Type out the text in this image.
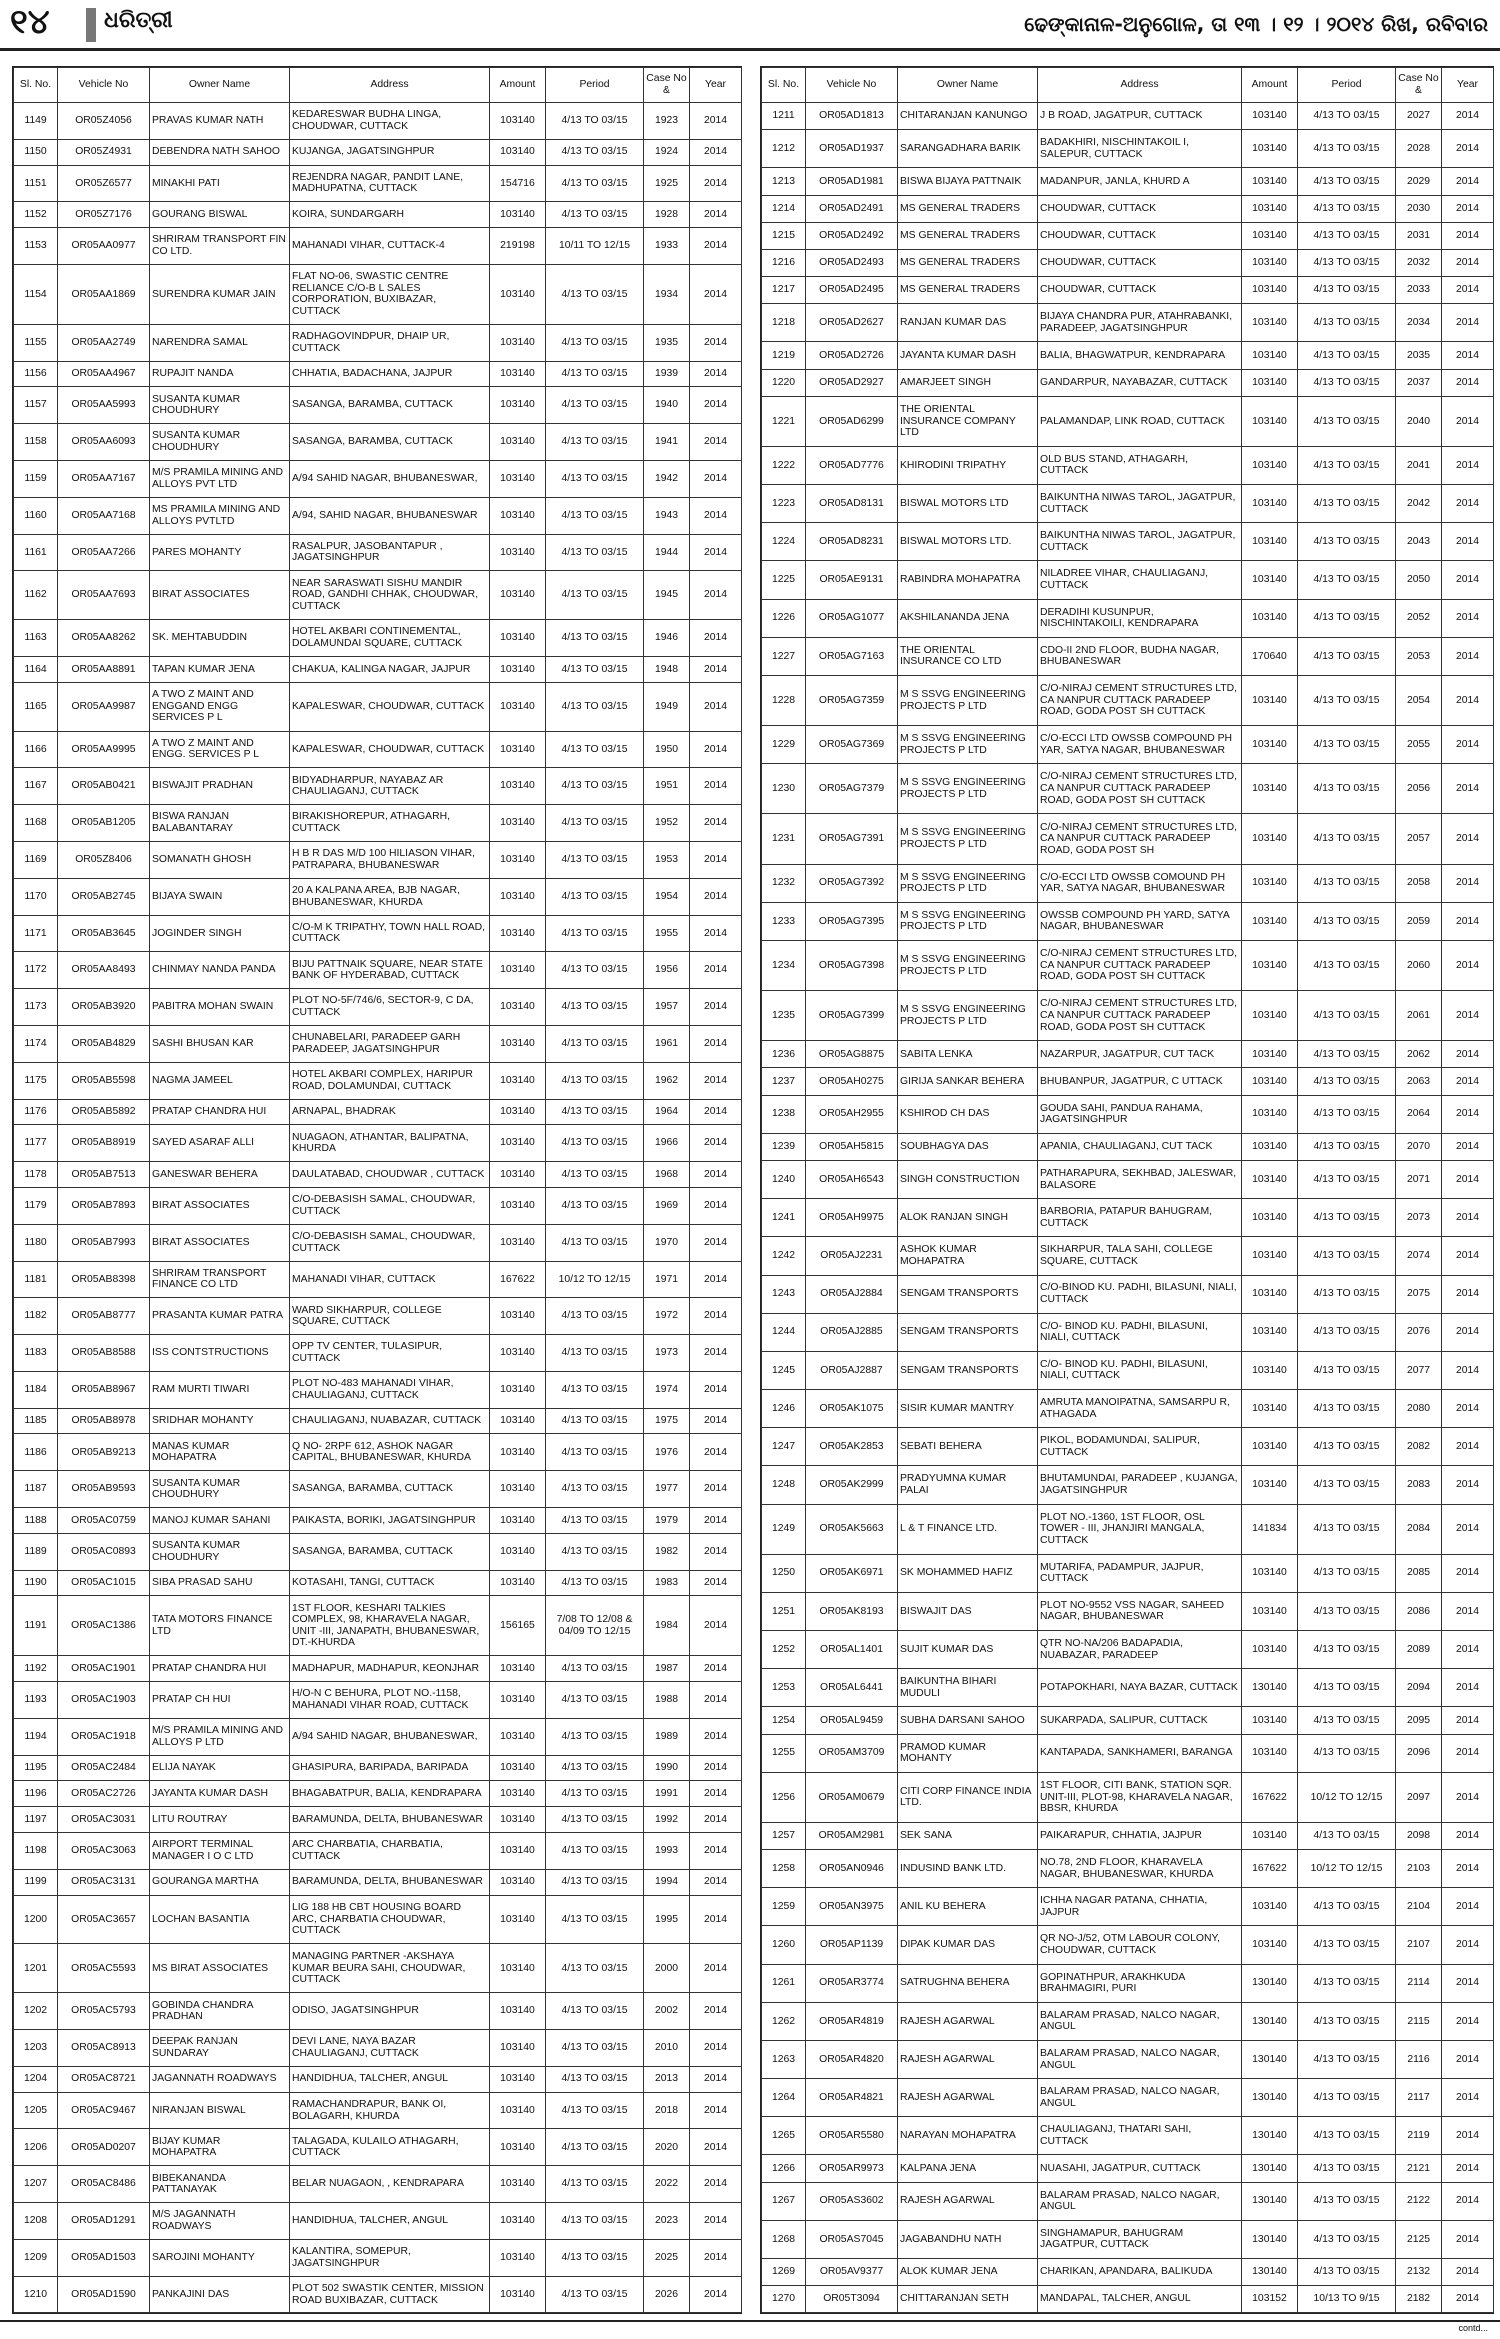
୧୪ ଧରିତ୍ରୀ	ଢେଙ୍କାନାଳ-ଅନୁଗୋଳ, ତା ୧୩ । ୧୨ । ୨୦୧୪ ରିଖ, ରବିବାର
Sl. No.	Vehicle No	Owner Name	Address	Amount	Period	Case No &	Year
1149	OR05Z4056	PRAVAS KUMAR NATH	KEDARESWAR BUDHA LINGA, CHOUDWAR, CUTTACK	103140	4/13 TO 03/15	1923	2014
1150	OR05Z4931	DEBENDRA NATH SAHOO	KUJANGA, JAGATSINGHPUR	103140	4/13 TO 03/15	1924	2014
1151	OR05Z6577	MINAKHI PATI	REJENDRA NAGAR, PANDIT LANE, MADHUPATNA, CUTTACK	154716	4/13 TO 03/15	1925	2014
1152	OR05Z7176	GOURANG BISWAL	KOIRA, SUNDARGARH	103140	4/13 TO 03/15	1928	2014
1153	OR05AA0977	SHRIRAM TRANSPORT FIN CO LTD.	MAHANADI VIHAR, CUTTACK-4	219198	10/11 TO 12/15	1933	2014
1154	OR05AA1869	SURENDRA KUMAR JAIN	FLAT NO-06, SWASTIC CENTRE RELIANCE C/O-B L SALES CORPORATION, BUXIBAZAR, CUTTACK	103140	4/13 TO 03/15	1934	2014
1155	OR05AA2749	NARENDRA SAMAL	RADHAGOVINDPUR, DHAIP UR, CUTTACK	103140	4/13 TO 03/15	1935	2014
1156	OR05AA4967	RUPAJIT NANDA	CHHATIA, BADACHANA, JAJPUR	103140	4/13 TO 03/15	1939	2014
1157	OR05AA5993	SUSANTA KUMAR CHOUDHURY	SASANGA, BARAMBA, CUTTACK	103140	4/13 TO 03/15	1940	2014
1158	OR05AA6093	SUSANTA KUMAR CHOUDHURY	SASANGA, BARAMBA, CUTTACK	103140	4/13 TO 03/15	1941	2014
1159	OR05AA7167	M/S PRAMILA MINING AND ALLOYS PVT LTD	A/94 SAHID NAGAR, BHUBANESWAR,	103140	4/13 TO 03/15	1942	2014
1160	OR05AA7168	MS PRAMILA MINING AND ALLOYS PVTLTD	A/94, SAHID NAGAR, BHUBANESWAR	103140	4/13 TO 03/15	1943	2014
1161	OR05AA7266	PARES MOHANTY	RASALPUR, JASOBANTAPUR , JAGATSINGHPUR	103140	4/13 TO 03/15	1944	2014
1162	OR05AA7693	BIRAT ASSOCIATES	NEAR SARASWATI SISHU MANDIR ROAD, GANDHI CHHAK, CHOUDWAR, CUTTACK	103140	4/13 TO 03/15	1945	2014
1163	OR05AA8262	SK. MEHTABUDDIN	HOTEL AKBARI CONTINEMENTAL, DOLAMUNDAI SQUARE, CUTTACK	103140	4/13 TO 03/15	1946	2014
1164	OR05AA8891	TAPAN KUMAR JENA	CHAKUA, KALINGA NAGAR, JAJPUR	103140	4/13 TO 03/15	1948	2014
1165	OR05AA9987	A TWO Z MAINT AND ENGGAND ENGG SERVICES P L	KAPALESWAR, CHOUDWAR, CUTTACK	103140	4/13 TO 03/15	1949	2014
1166	OR05AA9995	A TWO Z MAINT AND ENGG. SERVICES P L	KAPALESWAR, CHOUDWAR, CUTTACK	103140	4/13 TO 03/15	1950	2014
1167	OR05AB0421	BISWAJIT PRADHAN	BIDYADHARPUR, NAYABAZ AR CHAULIAGANJ, CUTTACK	103140	4/13 TO 03/15	1951	2014
1168	OR05AB1205	BISWA RANJAN BALABANTARAY	BIRAKISHOREPUR, ATHAGARH, CUTTACK	103140	4/13 TO 03/15	1952	2014
1169	OR05Z8406	SOMANATH GHOSH	H B R DAS M/D 100 HILIASON VIHAR, PATRAPARA, BHUBANESWAR	103140	4/13 TO 03/15	1953	2014
1170	OR05AB2745	BIJAYA SWAIN	20 A KALPANA AREA, BJB NAGAR, BHUBANESWAR, KHURDA	103140	4/13 TO 03/15	1954	2014
1171	OR05AB3645	JOGINDER SINGH	C/O-M K TRIPATHY, TOWN HALL ROAD, CUTTACK	103140	4/13 TO 03/15	1955	2014
1172	OR05AA8493	CHINMAY NANDA PANDA	BIJU PATTNAIK SQUARE, NEAR STATE BANK OF HYDERABAD, CUTTACK	103140	4/13 TO 03/15	1956	2014
1173	OR05AB3920	PABITRA MOHAN SWAIN	PLOT NO-5F/746/6, SECTOR-9, C DA, CUTTACK	103140	4/13 TO 03/15	1957	2014
1174	OR05AB4829	SASHI BHUSAN KAR	CHUNABELARI, PARADEEP GARH PARADEEP, JAGATSINGHPUR	103140	4/13 TO 03/15	1961	2014
1175	OR05AB5598	NAGMA JAMEEL	HOTEL AKBARI COMPLEX, HARIPUR ROAD, DOLAMUNDAI, CUTTACK	103140	4/13 TO 03/15	1962	2014
1176	OR05AB5892	PRATAP CHANDRA HUI	ARNAPAL, BHADRAK	103140	4/13 TO 03/15	1964	2014
1177	OR05AB8919	SAYED ASARAF ALLI	NUAGAON, ATHANTAR, BALIPATNA, KHURDA	103140	4/13 TO 03/15	1966	2014
1178	OR05AB7513	GANESWAR BEHERA	DAULATABAD, CHOUDWAR , CUTTACK	103140	4/13 TO 03/15	1968	2014
1179	OR05AB7893	BIRAT ASSOCIATES	C/O-DEBASISH SAMAL, CHOUDWAR, CUTTACK	103140	4/13 TO 03/15	1969	2014
1180	OR05AB7993	BIRAT ASSOCIATES	C/O-DEBASISH SAMAL, CHOUDWAR, CUTTACK	103140	4/13 TO 03/15	1970	2014
1181	OR05AB8398	SHRIRAM TRANSPORT FINANCE CO LTD	MAHANADI VIHAR, CUTTACK	167622	10/12 TO 12/15	1971	2014
1182	OR05AB8777	PRASANTA KUMAR PATRA	WARD SIKHARPUR, COLLEGE SQUARE, CUTTACK	103140	4/13 TO 03/15	1972	2014
1183	OR05AB8588	ISS CONTSTRUCTIONS	OPP TV CENTER, TULASIPUR, CUTTACK	103140	4/13 TO 03/15	1973	2014
1184	OR05AB8967	RAM MURTI TIWARI	PLOT NO-483 MAHANADI VIHAR, CHAULIAGANJ, CUTTACK	103140	4/13 TO 03/15	1974	2014
1185	OR05AB8978	SRIDHAR MOHANTY	CHAULIAGANJ, NUABAZAR, CUTTACK	103140	4/13 TO 03/15	1975	2014
1186	OR05AB9213	MANAS KUMAR MOHAPATRA	Q NO- 2RPF 612, ASHOK NAGAR CAPITAL, BHUBANESWAR, KHURDA	103140	4/13 TO 03/15	1976	2014
1187	OR05AB9593	SUSANTA KUMAR CHOUDHURY	SASANGA, BARAMBA, CUTTACK	103140	4/13 TO 03/15	1977	2014
1188	OR05AC0759	MANOJ KUMAR SAHANI	PAIKASTA, BORIKI, JAGATSINGHPUR	103140	4/13 TO 03/15	1979	2014
1189	OR05AC0893	SUSANTA KUMAR CHOUDHURY	SASANGA, BARAMBA, CUTTACK	103140	4/13 TO 03/15	1982	2014
1190	OR05AC1015	SIBA PRASAD SAHU	KOTASAHI, TANGI, CUTTACK	103140	4/13 TO 03/15	1983	2014
1191	OR05AC1386	TATA MOTORS FINANCE LTD	1ST FLOOR, KESHARI TALKIES COMPLEX, 98, KHARAVELA NAGAR, UNIT -III, JANAPATH, BHUBANESWAR, DT.-KHURDA	156165	7/08 TO 12/08 & 04/09 TO 12/15	1984	2014
1192	OR05AC1901	PRATAP CHANDRA HUI	MADHAPUR, MADHAPUR, KEONJHAR	103140	4/13 TO 03/15	1987	2014
1193	OR05AC1903	PRATAP CH HUI	H/O-N C BEHURA, PLOT NO.-1158, MAHANADI VIHAR ROAD, CUTTACK	103140	4/13 TO 03/15	1988	2014
1194	OR05AC1918	M/S PRAMILA MINING AND ALLOYS P LTD	A/94 SAHID NAGAR, BHUBANESWAR,	103140	4/13 TO 03/15	1989	2014
1195	OR05AC2484	ELIJA NAYAK	GHASIPURA, BARIPADA, BARIPADA	103140	4/13 TO 03/15	1990	2014
1196	OR05AC2726	JAYANTA KUMAR DASH	BHAGABATPUR, BALIA, KENDRAPARA	103140	4/13 TO 03/15	1991	2014
1197	OR05AC3031	LITU ROUTRAY	BARAMUNDA, DELTA, BHUBANESWAR	103140	4/13 TO 03/15	1992	2014
1198	OR05AC3063	AIRPORT TERMINAL MANAGER I O C LTD	ARC CHARBATIA, CHARBATIA, CUTTACK	103140	4/13 TO 03/15	1993	2014
1199	OR05AC3131	GOURANGA MARTHA	BARAMUNDA, DELTA, BHUBANESWAR	103140	4/13 TO 03/15	1994	2014
1200	OR05AC3657	LOCHAN BASANTIA	LIG 188 HB CBT HOUSING BOARD ARC, CHARBATIA CHOUDWAR, CUTTACK	103140	4/13 TO 03/15	1995	2014
1201	OR05AC5593	MS BIRAT ASSOCIATES	MANAGING PARTNER -AKSHAYA KUMAR BEURA SAHI, CHOUDWAR, CUTTACK	103140	4/13 TO 03/15	2000	2014
1202	OR05AC5793	GOBINDA CHANDRA PRADHAN	ODISO, JAGATSINGHPUR	103140	4/13 TO 03/15	2002	2014
1203	OR05AC8913	DEEPAK RANJAN SUNDARAY	DEVI LANE, NAYA BAZAR CHAULIAGANJ, CUTTACK	103140	4/13 TO 03/15	2010	2014
1204	OR05AC8721	JAGANNATH ROADWAYS	HANDIDHUA, TALCHER, ANGUL	103140	4/13 TO 03/15	2013	2014
1205	OR05AC9467	NIRANJAN BISWAL	RAMACHANDRAPUR, BANK OI, BOLAGARH, KHURDA	103140	4/13 TO 03/15	2018	2014
1206	OR05AD0207	BIJAY KUMAR MOHAPATRA	TALAGADA, KULAILO ATHAGARH, CUTTACK	103140	4/13 TO 03/15	2020	2014
1207	OR05AC8486	BIBEKANANDA PATTANAYAK	BELAR NUAGAON, , KENDRAPARA	103140	4/13 TO 03/15	2022	2014
1208	OR05AD1291	M/S JAGANNATH ROADWAYS	HANDIDHUA, TALCHER, ANGUL	103140	4/13 TO 03/15	2023	2014
1209	OR05AD1503	SAROJINI MOHANTY	KALANTIRA, SOMEPUR, JAGATSINGHPUR	103140	4/13 TO 03/15	2025	2014
1210	OR05AD1590	PANKAJINI DAS	PLOT 502 SWASTIK CENTER, MISSION ROAD BUXIBAZAR, CUTTACK	103140	4/13 TO 03/15	2026	2014
Sl. No.	Vehicle No	Owner Name	Address	Amount	Period	Case No &	Year
1211	OR05AD1813	CHITARANJAN KANUNGO	J B ROAD, JAGATPUR, CUTTACK	103140	4/13 TO 03/15	2027	2014
1212	OR05AD1937	SARANGADHARA BARIK	BADAKHIRI, NISCHINTAKOIL I, SALEPUR, CUTTACK	103140	4/13 TO 03/15	2028	2014
1213	OR05AD1981	BISWA BIJAYA PATTNAIK	MADANPUR, JANLA, KHURD A	103140	4/13 TO 03/15	2029	2014
1214	OR05AD2491	MS GENERAL TRADERS	CHOUDWAR, CUTTACK	103140	4/13 TO 03/15	2030	2014
1215	OR05AD2492	MS GENERAL TRADERS	CHOUDWAR, CUTTACK	103140	4/13 TO 03/15	2031	2014
1216	OR05AD2493	MS GENERAL TRADERS	CHOUDWAR, CUTTACK	103140	4/13 TO 03/15	2032	2014
1217	OR05AD2495	MS GENERAL TRADERS	CHOUDWAR, CUTTACK	103140	4/13 TO 03/15	2033	2014
1218	OR05AD2627	RANJAN KUMAR DAS	BIJAYA CHANDRA PUR, ATAHRABANKI, PARADEEP, JAGATSINGHPUR	103140	4/13 TO 03/15	2034	2014
1219	OR05AD2726	JAYANTA KUMAR DASH	BALIA, BHAGWATPUR, KENDRAPARA	103140	4/13 TO 03/15	2035	2014
1220	OR05AD2927	AMARJEET SINGH	GANDARPUR, NAYABAZAR, CUTTACK	103140	4/13 TO 03/15	2037	2014
1221	OR05AD6299	THE ORIENTAL INSURANCE COMPANY LTD	PALAMANDAP, LINK ROAD, CUTTACK	103140	4/13 TO 03/15	2040	2014
1222	OR05AD7776	KHIRODINI TRIPATHY	OLD BUS STAND, ATHAGARH, CUTTACK	103140	4/13 TO 03/15	2041	2014
1223	OR05AD8131	BISWAL MOTORS LTD	BAIKUNTHA NIWAS TAROL, JAGATPUR, CUTTACK	103140	4/13 TO 03/15	2042	2014
1224	OR05AD8231	BISWAL MOTORS LTD.	BAIKUNTHA NIWAS TAROL, JAGATPUR, CUTTACK	103140	4/13 TO 03/15	2043	2014
1225	OR05AE9131	RABINDRA MOHAPATRA	NILADREE VIHAR, CHAULIAGANJ, CUTTACK	103140	4/13 TO 03/15	2050	2014
1226	OR05AG1077	AKSHILANANDA JENA	DERADIHI KUSUNPUR, NISCHINTAKOILI, KENDRAPARA	103140	4/13 TO 03/15	2052	2014
1227	OR05AG7163	THE ORIENTAL INSURANCE CO LTD	CDO-II 2ND FLOOR, BUDHA NAGAR, BHUBANESWAR	170640	4/13 TO 03/15	2053	2014
1228	OR05AG7359	M S SSVG ENGINEERING PROJECTS P LTD	C/O-NIRAJ CEMENT STRUCTURES LTD, CA NANPUR CUTTACK PARADEEP ROAD, GODA POST SH CUTTACK	103140	4/13 TO 03/15	2054	2014
1229	OR05AG7369	M S SSVG ENGINEERING PROJECTS P LTD	C/O-ECCI LTD OWSSB COMPOUND PH YAR, SATYA NAGAR, BHUBANESWAR	103140	4/13 TO 03/15	2055	2014
1230	OR05AG7379	M S SSVG ENGINEERING PROJECTS P LTD	C/O-NIRAJ CEMENT STRUCTURES LTD, CA NANPUR CUTTACK PARADEEP ROAD, GODA POST SH CUTTACK	103140	4/13 TO 03/15	2056	2014
1231	OR05AG7391	M S SSVG ENGINEERING PROJECTS P LTD	C/O-NIRAJ CEMENT STRUCTURES LTD, CA NANPUR CUTTACK PARADEEP ROAD, GODA POST SH	103140	4/13 TO 03/15	2057	2014
1232	OR05AG7392	M S SSVG ENGINEERING PROJECTS P LTD	C/O-ECCI LTD OWSSB COMOUND PH YAR, SATYA NAGAR, BHUBANESWAR	103140	4/13 TO 03/15	2058	2014
1233	OR05AG7395	M S SSVG ENGINEERING PROJECTS P LTD	OWSSB COMPOUND PH YARD, SATYA NAGAR, BHUBANESWAR	103140	4/13 TO 03/15	2059	2014
1234	OR05AG7398	M S SSVG ENGINEERING PROJECTS P LTD	C/O-NIRAJ CEMENT STRUCTURES LTD, CA NANPUR CUTTACK PARADEEP ROAD, GODA POST SH CUTTACK	103140	4/13 TO 03/15	2060	2014
1235	OR05AG7399	M S SSVG ENGINEERING PROJECTS P LTD	C/O-NIRAJ CEMENT STRUCTURES LTD, CA NANPUR CUTTACK PARADEEP ROAD, GODA POST SH CUTTACK	103140	4/13 TO 03/15	2061	2014
1236	OR05AG8875	SABITA LENKA	NAZARPUR, JAGATPUR, CUT TACK	103140	4/13 TO 03/15	2062	2014
1237	OR05AH0275	GIRIJA SANKAR BEHERA	BHUBANPUR, JAGATPUR, C UTTACK	103140	4/13 TO 03/15	2063	2014
1238	OR05AH2955	KSHIROD CH DAS	GOUDA SAHI, PANDUA RAHAMA, JAGATSINGHPUR	103140	4/13 TO 03/15	2064	2014
1239	OR05AH5815	SOUBHAGYA DAS	APANIA, CHAULIAGANJ, CUT TACK	103140	4/13 TO 03/15	2070	2014
1240	OR05AH6543	SINGH CONSTRUCTION	PATHARAPURA, SEKHBAD, JALESWAR, BALASORE	103140	4/13 TO 03/15	2071	2014
1241	OR05AH9975	ALOK RANJAN SINGH	BARBORIA, PATAPUR BAHUGRAM, CUTTACK	103140	4/13 TO 03/15	2073	2014
1242	OR05AJ2231	ASHOK KUMAR MOHAPATRA	SIKHARPUR, TALA SAHI, COLLEGE SQUARE, CUTTACK	103140	4/13 TO 03/15	2074	2014
1243	OR05AJ2884	SENGAM TRANSPORTS	C/O-BINOD KU. PADHI, BILASUNI, NIALI, CUTTACK	103140	4/13 TO 03/15	2075	2014
1244	OR05AJ2885	SENGAM TRANSPORTS	C/O- BINOD KU. PADHI, BILASUNI, NIALI, CUTTACK	103140	4/13 TO 03/15	2076	2014
1245	OR05AJ2887	SENGAM TRANSPORTS	C/O- BINOD KU. PADHI, BILASUNI, NIALI, CUTTACK	103140	4/13 TO 03/15	2077	2014
1246	OR05AK1075	SISIR KUMAR MANTRY	AMRUTA MANOIPATNA, SAMSARPU R, ATHAGADA	103140	4/13 TO 03/15	2080	2014
1247	OR05AK2853	SEBATI BEHERA	PIKOL, BODAMUNDAI, SALIPUR, CUTTACK	103140	4/13 TO 03/15	2082	2014
1248	OR05AK2999	PRADYUMNA KUMAR PALAI	BHUTAMUNDAI, PARADEEP , KUJANGA, JAGATSINGHPUR	103140	4/13 TO 03/15	2083	2014
1249	OR05AK5663	L & T FINANCE LTD.	PLOT NO.-1360, 1ST FLOOR, OSL TOWER - III, JHANJIRI MANGALA, CUTTACK	141834	4/13 TO 03/15	2084	2014
1250	OR05AK6971	SK MOHAMMED HAFIZ	MUTARIFA, PADAMPUR, JAJPUR, CUTTACK	103140	4/13 TO 03/15	2085	2014
1251	OR05AK8193	BISWAJIT DAS	PLOT NO-9552 VSS NAGAR, SAHEED NAGAR, BHUBANESWAR	103140	4/13 TO 03/15	2086	2014
1252	OR05AL1401	SUJIT KUMAR DAS	QTR NO-NA/206 BADAPADIA, NUABAZAR, PARADEEP	103140	4/13 TO 03/15	2089	2014
1253	OR05AL6441	BAIKUNTHA BIHARI MUDULI	POTAPOKHARI, NAYA BAZAR, CUTTACK	130140	4/13 TO 03/15	2094	2014
1254	OR05AL9459	SUBHA DARSANI SAHOO	SUKARPADA, SALIPUR, CUTTACK	103140	4/13 TO 03/15	2095	2014
1255	OR05AM3709	PRAMOD KUMAR MOHANTY	KANTAPADA, SANKHAMERI, BARANGA	103140	4/13 TO 03/15	2096	2014
1256	OR05AM0679	CITI CORP FINANCE INDIA LTD.	1ST FLOOR, CITI BANK, STATION SQR. UNIT-III, PLOT-98, KHARAVELA NAGAR, BBSR, KHURDA	167622	10/12 TO 12/15	2097	2014
1257	OR05AM2981	SEK SANA	PAIKARAPUR, CHHATIA, JAJPUR	103140	4/13 TO 03/15	2098	2014
1258	OR05AN0946	INDUSIND BANK LTD.	NO.78, 2ND FLOOR, KHARAVELA NAGAR, BHUBANESWAR, KHURDA	167622	10/12 TO 12/15	2103	2014
1259	OR05AN3975	ANIL KU BEHERA	ICHHA NAGAR PATANA, CHHATIA, JAJPUR	103140	4/13 TO 03/15	2104	2014
1260	OR05AP1139	DIPAK KUMAR DAS	QR NO-J/52, OTM LABOUR COLONY, CHOUDWAR, CUTTACK	103140	4/13 TO 03/15	2107	2014
1261	OR05AR3774	SATRUGHNA BEHERA	GOPINATHPUR, ARAKHKUDA BRAHMAGIRI, PURI	130140	4/13 TO 03/15	2114	2014
1262	OR05AR4819	RAJESH AGARWAL	BALARAM PRASAD, NALCO NAGAR, ANGUL	130140	4/13 TO 03/15	2115	2014
1263	OR05AR4820	RAJESH AGARWAL	BALARAM PRASAD, NALCO NAGAR, ANGUL	130140	4/13 TO 03/15	2116	2014
1264	OR05AR4821	RAJESH AGARWAL	BALARAM PRASAD, NALCO NAGAR, ANGUL	130140	4/13 TO 03/15	2117	2014
1265	OR05AR5580	NARAYAN MOHAPATRA	CHAULIAGANJ, THATARI SAHI, CUTTACK	130140	4/13 TO 03/15	2119	2014
1266	OR05AR9973	KALPANA JENA	NUASAHI, JAGATPUR, CUTTACK	130140	4/13 TO 03/15	2121	2014
1267	OR05AS3602	RAJESH AGARWAL	BALARAM PRASAD, NALCO NAGAR, ANGUL	130140	4/13 TO 03/15	2122	2014
1268	OR05AS7045	JAGABANDHU NATH	SINGHAMAPUR, BAHUGRAM JAGATPUR, CUTTACK	130140	4/13 TO 03/15	2125	2014
1269	OR05AV9377	ALOK KUMAR JENA	CHARIKAN, APANDARA, BALIKUDA	130140	4/13 TO 03/15	2132	2014
1270	OR05T3094	CHITTARANJAN SETH	MANDAPAL, TALCHER, ANGUL	103152	10/13 TO 9/15	2182	2014
contd...
